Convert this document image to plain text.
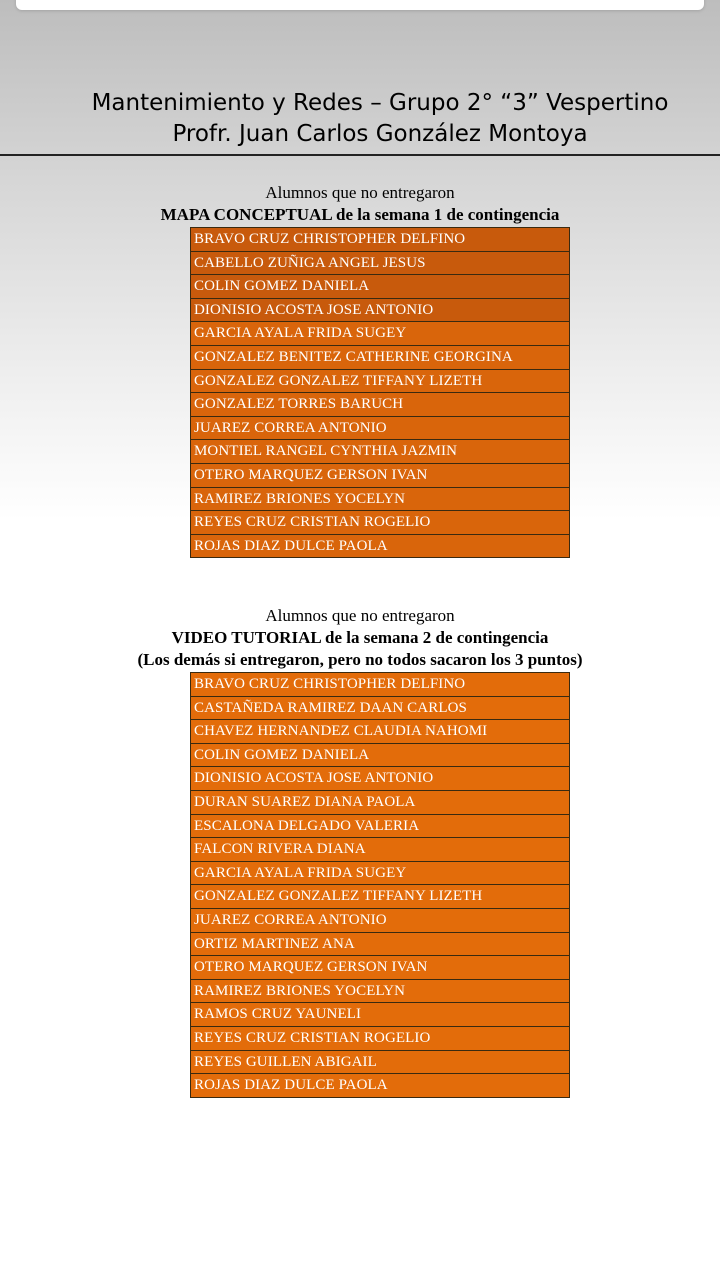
Mantenimiento y Redes – Grupo 2° “3” Vespertino
Profr. Juan Carlos González Montoya
Alumnos que no entregaron
MAPA CONCEPTUAL de la semana 1 de contingencia
BRAVO CRUZ CHRISTOPHER DELFINO
CABELLO ZUÑIGA ANGEL JESUS
COLIN GOMEZ DANIELA
DIONISIO ACOSTA JOSE ANTONIO
GARCIA AYALA FRIDA SUGEY
GONZALEZ BENITEZ CATHERINE GEORGINA
GONZALEZ GONZALEZ TIFFANY LIZETH
GONZALEZ TORRES BARUCH
JUAREZ CORREA ANTONIO
MONTIEL RANGEL CYNTHIA JAZMIN
OTERO MARQUEZ GERSON IVAN
RAMIREZ BRIONES YOCELYN
REYES CRUZ CRISTIAN ROGELIO
ROJAS DIAZ DULCE PAOLA
Alumnos que no entregaron
VIDEO TUTORIAL de la semana 2 de contingencia
(Los demás si entregaron, pero no todos sacaron los 3 puntos)
BRAVO CRUZ CHRISTOPHER DELFINO
CASTAÑEDA RAMIREZ DAAN CARLOS
CHAVEZ HERNANDEZ CLAUDIA NAHOMI
COLIN GOMEZ DANIELA
DIONISIO ACOSTA JOSE ANTONIO
DURAN SUAREZ DIANA PAOLA
ESCALONA DELGADO VALERIA
FALCON RIVERA DIANA
GARCIA AYALA FRIDA SUGEY
GONZALEZ GONZALEZ TIFFANY LIZETH
JUAREZ CORREA ANTONIO
ORTIZ MARTINEZ ANA
OTERO MARQUEZ GERSON IVAN
RAMIREZ BRIONES YOCELYN
RAMOS CRUZ YAUNELI
REYES CRUZ CRISTIAN ROGELIO
REYES GUILLEN ABIGAIL
ROJAS DIAZ DULCE PAOLA
